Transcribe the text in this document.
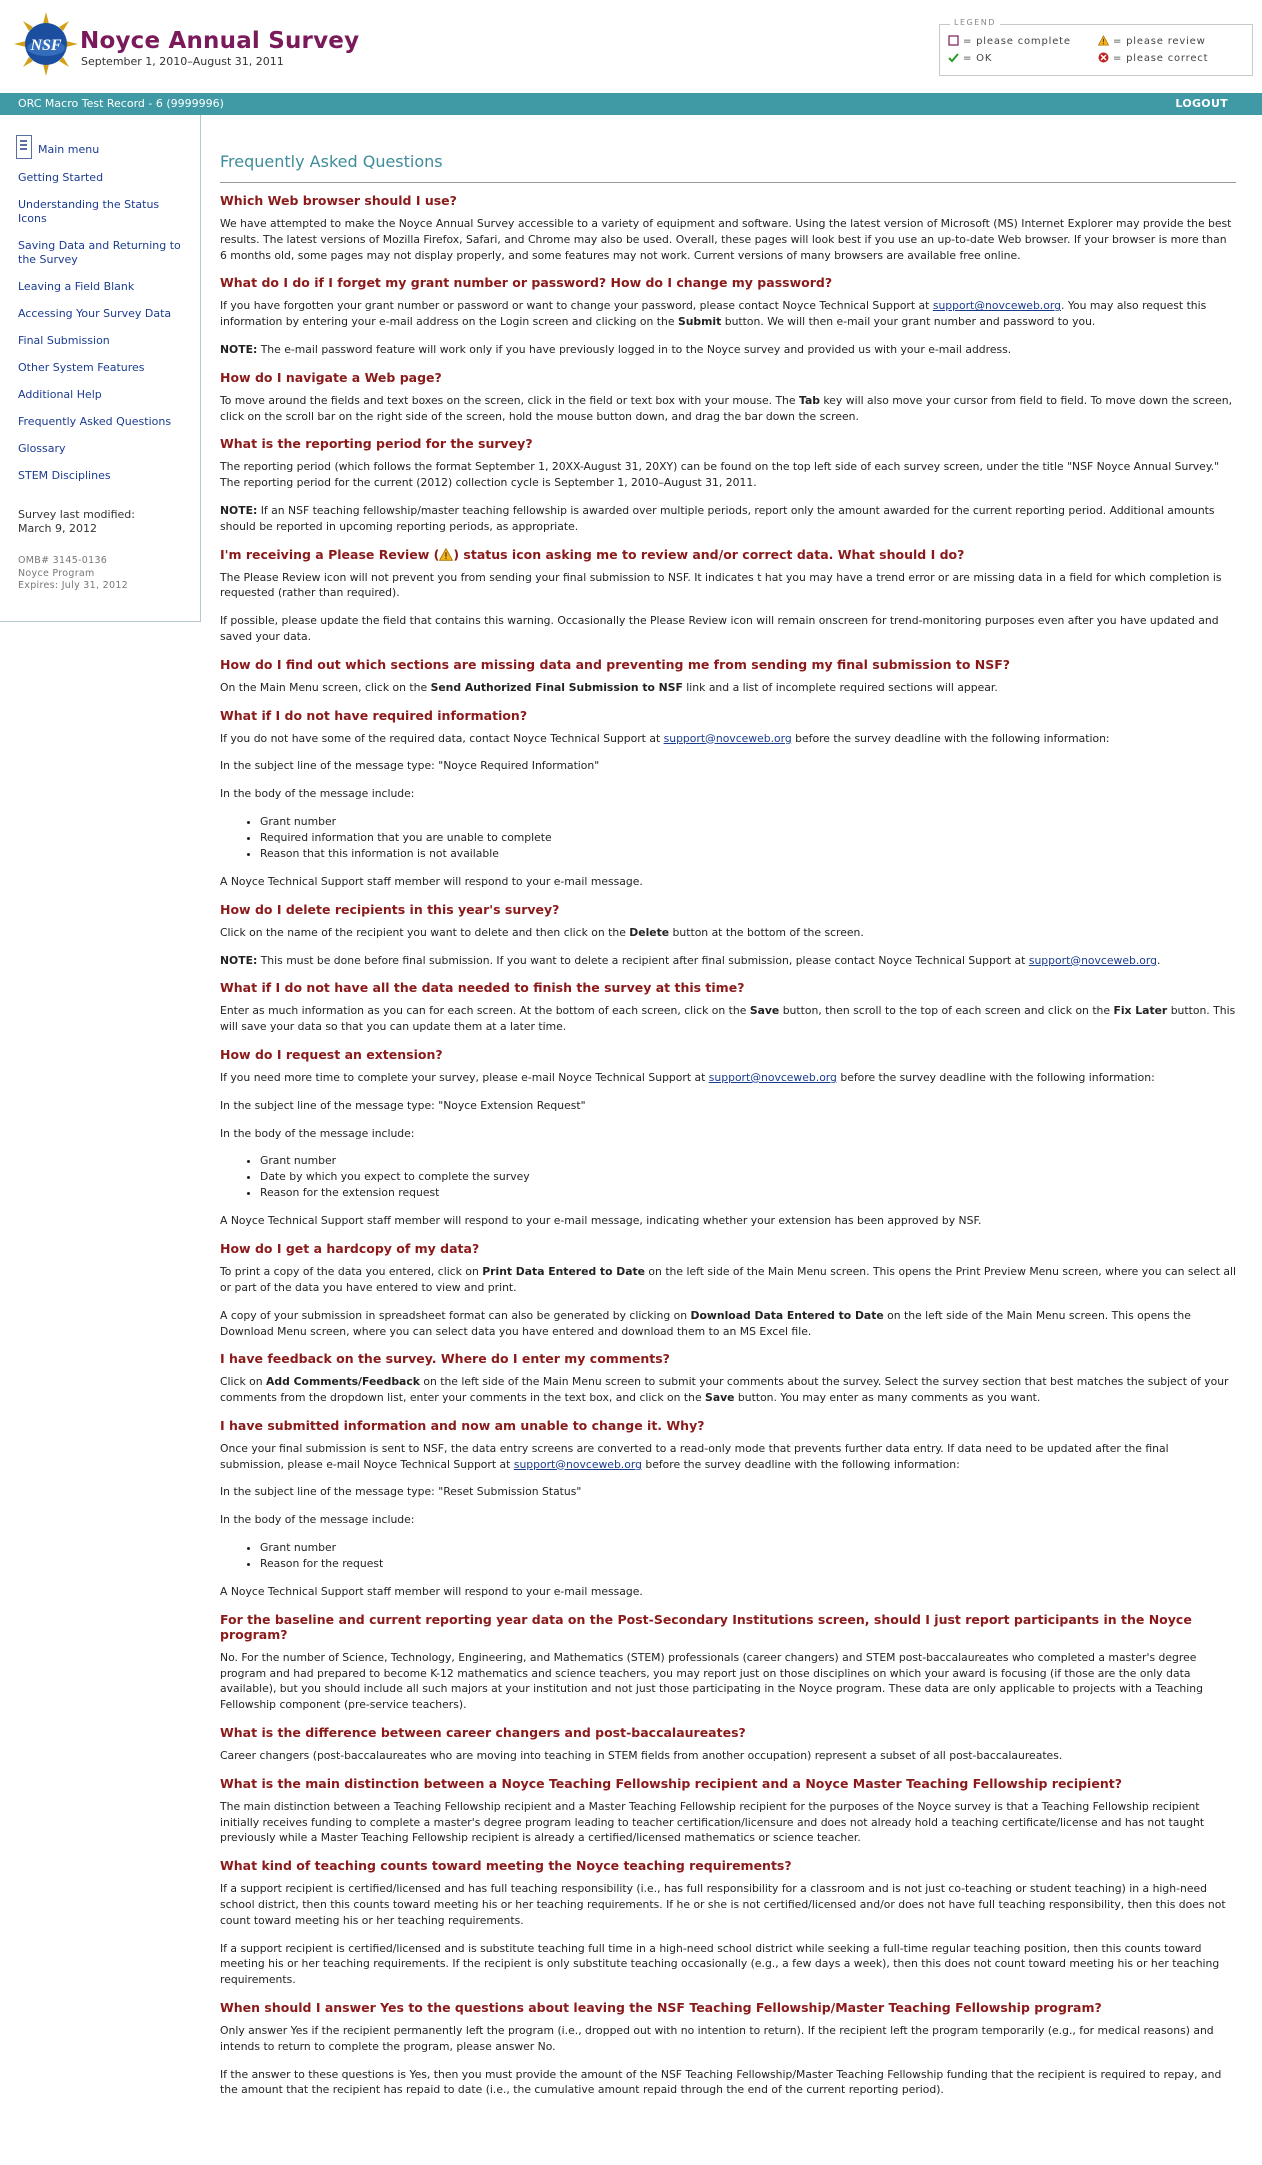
NSF Noyce Annual Survey
September 1, 2010–August 31, 2011
LEGEND
= please complete
= OK
= please review
= please correct
ORC Macro Test Record - 6 (9999996)	LOGOUT
Main menu
Getting Started
Understanding the Status Icons
Saving Data and Returning to the Survey
Leaving a Field Blank
Accessing Your Survey Data
Final Submission
Other System Features
Additional Help
Frequently Asked Questions
Glossary
STEM Disciplines
Survey last modified:
March 9, 2012
OMB# 3145-0136
Noyce Program
Expires: July 31, 2012
Frequently Asked Questions
Which Web browser should I use?
We have attempted to make the Noyce Annual Survey accessible to a variety of equipment and software. Using the latest version of Microsoft (MS) Internet Explorer may provide the best results. The latest versions of Mozilla Firefox, Safari, and Chrome may also be used. Overall, these pages will look best if you use an up-to-date Web browser. If your browser is more than 6 months old, some pages may not display properly, and some features may not work. Current versions of many browsers are available free online.
What do I do if I forget my grant number or password? How do I change my password?
If you have forgotten your grant number or password or want to change your password, please contact Noyce Technical Support at support@novceweb.org. You may also request this information by entering your e-mail address on the Login screen and clicking on the Submit button. We will then e-mail your grant number and password to you.
NOTE: The e-mail password feature will work only if you have previously logged in to the Noyce survey and provided us with your e-mail address.
How do I navigate a Web page?
To move around the fields and text boxes on the screen, click in the field or text box with your mouse. The Tab key will also move your cursor from field to field. To move down the screen, click on the scroll bar on the right side of the screen, hold the mouse button down, and drag the bar down the screen.
What is the reporting period for the survey?
The reporting period (which follows the format September 1, 20XX-August 31, 20XY) can be found on the top left side of each survey screen, under the title "NSF Noyce Annual Survey." The reporting period for the current (2012) collection cycle is September 1, 2010–August 31, 2011.
NOTE: If an NSF teaching fellowship/master teaching fellowship is awarded over multiple periods, report only the amount awarded for the current reporting period. Additional amounts should be reported in upcoming reporting periods, as appropriate.
I'm receiving a Please Review ( ) status icon asking me to review and/or correct data. What should I do?
The Please Review icon will not prevent you from sending your final submission to NSF. It indicates t hat you may have a trend error or are missing data in a field for which completion is requested (rather than required).
If possible, please update the field that contains this warning. Occasionally the Please Review icon will remain onscreen for trend-monitoring purposes even after you have updated and saved your data.
How do I find out which sections are missing data and preventing me from sending my final submission to NSF?
On the Main Menu screen, click on the Send Authorized Final Submission to NSF link and a list of incomplete required sections will appear.
What if I do not have required information?
If you do not have some of the required data, contact Noyce Technical Support at support@novceweb.org before the survey deadline with the following information:
In the subject line of the message type: "Noyce Required Information"
In the body of the message include:
• Grant number
• Required information that you are unable to complete
• Reason that this information is not available
A Noyce Technical Support staff member will respond to your e-mail message.
How do I delete recipients in this year's survey?
Click on the name of the recipient you want to delete and then click on the Delete button at the bottom of the screen.
NOTE: This must be done before final submission. If you want to delete a recipient after final submission, please contact Noyce Technical Support at support@novceweb.org.
What if I do not have all the data needed to finish the survey at this time?
Enter as much information as you can for each screen. At the bottom of each screen, click on the Save button, then scroll to the top of each screen and click on the Fix Later button. This will save your data so that you can update them at a later time.
How do I request an extension?
If you need more time to complete your survey, please e-mail Noyce Technical Support at support@novceweb.org before the survey deadline with the following information:
In the subject line of the message type: "Noyce Extension Request"
In the body of the message include:
• Grant number
• Date by which you expect to complete the survey
• Reason for the extension request
A Noyce Technical Support staff member will respond to your e-mail message, indicating whether your extension has been approved by NSF.
How do I get a hardcopy of my data?
To print a copy of the data you entered, click on Print Data Entered to Date on the left side of the Main Menu screen. This opens the Print Preview Menu screen, where you can select all or part of the data you have entered to view and print.
A copy of your submission in spreadsheet format can also be generated by clicking on Download Data Entered to Date on the left side of the Main Menu screen. This opens the Download Menu screen, where you can select data you have entered and download them to an MS Excel file.
I have feedback on the survey. Where do I enter my comments?
Click on Add Comments/Feedback on the left side of the Main Menu screen to submit your comments about the survey. Select the survey section that best matches the subject of your comments from the dropdown list, enter your comments in the text box, and click on the Save button. You may enter as many comments as you want.
I have submitted information and now am unable to change it. Why?
Once your final submission is sent to NSF, the data entry screens are converted to a read-only mode that prevents further data entry. If data need to be updated after the final submission, please e-mail Noyce Technical Support at support@novceweb.org before the survey deadline with the following information:
In the subject line of the message type: "Reset Submission Status"
In the body of the message include:
• Grant number
• Reason for the request
A Noyce Technical Support staff member will respond to your e-mail message.
For the baseline and current reporting year data on the Post-Secondary Institutions screen, should I just report participants in the Noyce program?
No. For the number of Science, Technology, Engineering, and Mathematics (STEM) professionals (career changers) and STEM post-baccalaureates who completed a master's degree program and had prepared to become K-12 mathematics and science teachers, you may report just on those disciplines on which your award is focusing (if those are the only data available), but you should include all such majors at your institution and not just those participating in the Noyce program. These data are only applicable to projects with a Teaching Fellowship component (pre-service teachers).
What is the difference between career changers and post-baccalaureates?
Career changers (post-baccalaureates who are moving into teaching in STEM fields from another occupation) represent a subset of all post-baccalaureates.
What is the main distinction between a Noyce Teaching Fellowship recipient and a Noyce Master Teaching Fellowship recipient?
The main distinction between a Teaching Fellowship recipient and a Master Teaching Fellowship recipient for the purposes of the Noyce survey is that a Teaching Fellowship recipient initially receives funding to complete a master's degree program leading to teacher certification/licensure and does not already hold a teaching certificate/license and has not taught previously while a Master Teaching Fellowship recipient is already a certified/licensed mathematics or science teacher.
What kind of teaching counts toward meeting the Noyce teaching requirements?
If a support recipient is certified/licensed and has full teaching responsibility (i.e., has full responsibility for a classroom and is not just co-teaching or student teaching) in a high-need school district, then this counts toward meeting his or her teaching requirements. If he or she is not certified/licensed and/or does not have full teaching responsibility, then this does not count toward meeting his or her teaching requirements.
If a support recipient is certified/licensed and is substitute teaching full time in a high-need school district while seeking a full-time regular teaching position, then this counts toward meeting his or her teaching requirements. If the recipient is only substitute teaching occasionally (e.g., a few days a week), then this does not count toward meeting his or her teaching requirements.
When should I answer Yes to the questions about leaving the NSF Teaching Fellowship/Master Teaching Fellowship program?
Only answer Yes if the recipient permanently left the program (i.e., dropped out with no intention to return). If the recipient left the program temporarily (e.g., for medical reasons) and intends to return to complete the program, please answer No.
If the answer to these questions is Yes, then you must provide the amount of the NSF Teaching Fellowship/Master Teaching Fellowship funding that the recipient is required to repay, and the amount that the recipient has repaid to date (i.e., the cumulative amount repaid through the end of the current reporting period).
